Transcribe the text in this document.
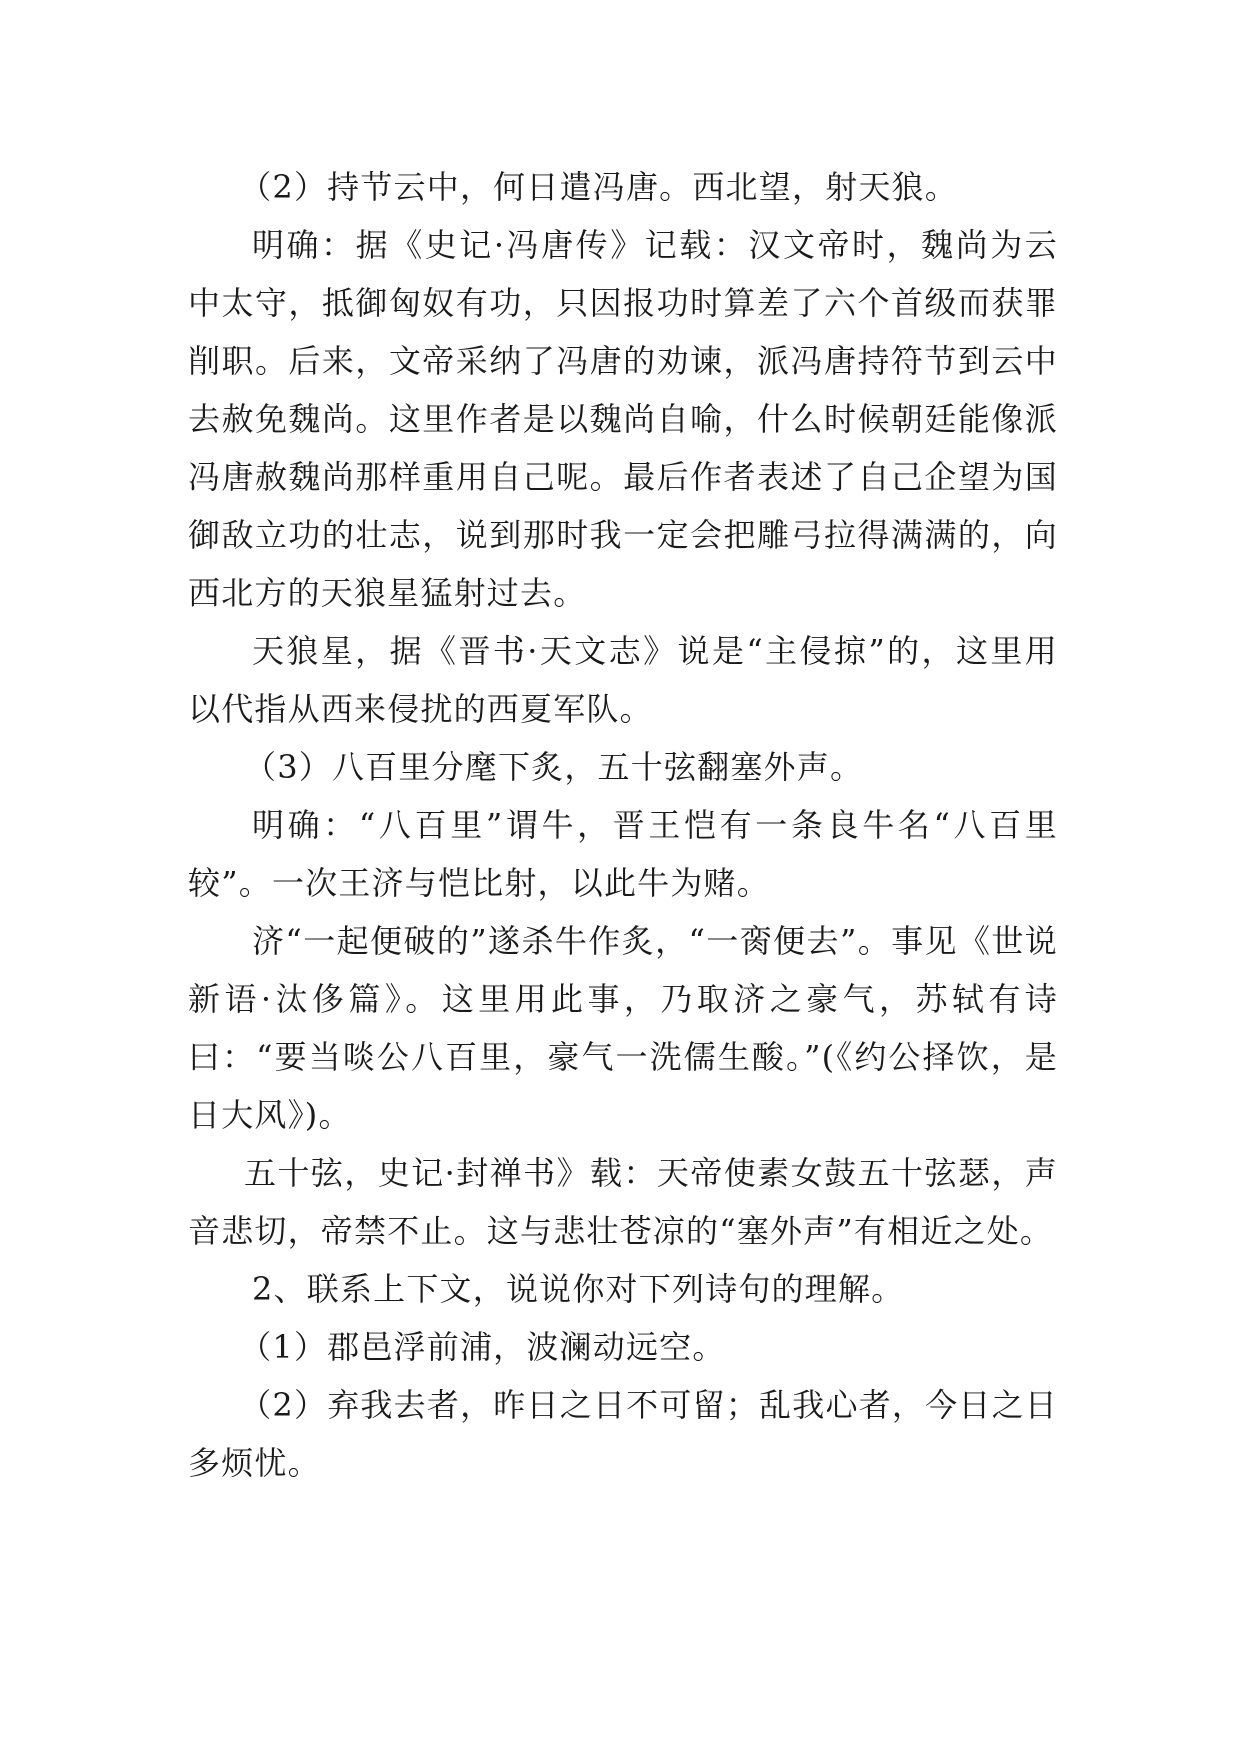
（2）持节云中，何日遣冯唐。西北望，射天狼。

明确：据《史记·冯唐传》记载：汉文帝时，魏尚为云中太守，抵御匈奴有功，只因报功时算差了六个首级而获罪削职。后来，文帝采纳了冯唐的劝谏，派冯唐持符节到云中去赦免魏尚。这里作者是以魏尚自喻，什么时候朝廷能像派冯唐赦魏尚那样重用自己呢。最后作者表述了自己企望为国御敌立功的壮志，说到那时我一定会把雕弓拉得满满的，向西北方的天狼星猛射过去。

天狼星，据《晋书·天文志》说是“主侵掠”的，这里用以代指从西来侵扰的西夏军队。

（3）八百里分麾下炙，五十弦翻塞外声。

明确：“八百里”谓牛，晋王恺有一条良牛名“八百里较”。一次王济与恺比射，以此牛为赌。

济“一起便破的”遂杀牛作炙，“一脔便去”。事见《世说新语·汰侈篇》。这里用此事，乃取济之豪气，苏轼有诗曰：“要当啖公八百里，豪气一洗儒生酸。”(《约公择饮，是日大风》)。

五十弦，史记·封禅书》载：天帝使素女鼓五十弦瑟，声音悲切，帝禁不止。这与悲壮苍凉的“塞外声”有相近之处。

2、联系上下文，说说你对下列诗句的理解。

（1）郡邑浮前浦，波澜动远空。

（2）弃我去者，昨日之日不可留；乱我心者，今日之日多烦忧。
